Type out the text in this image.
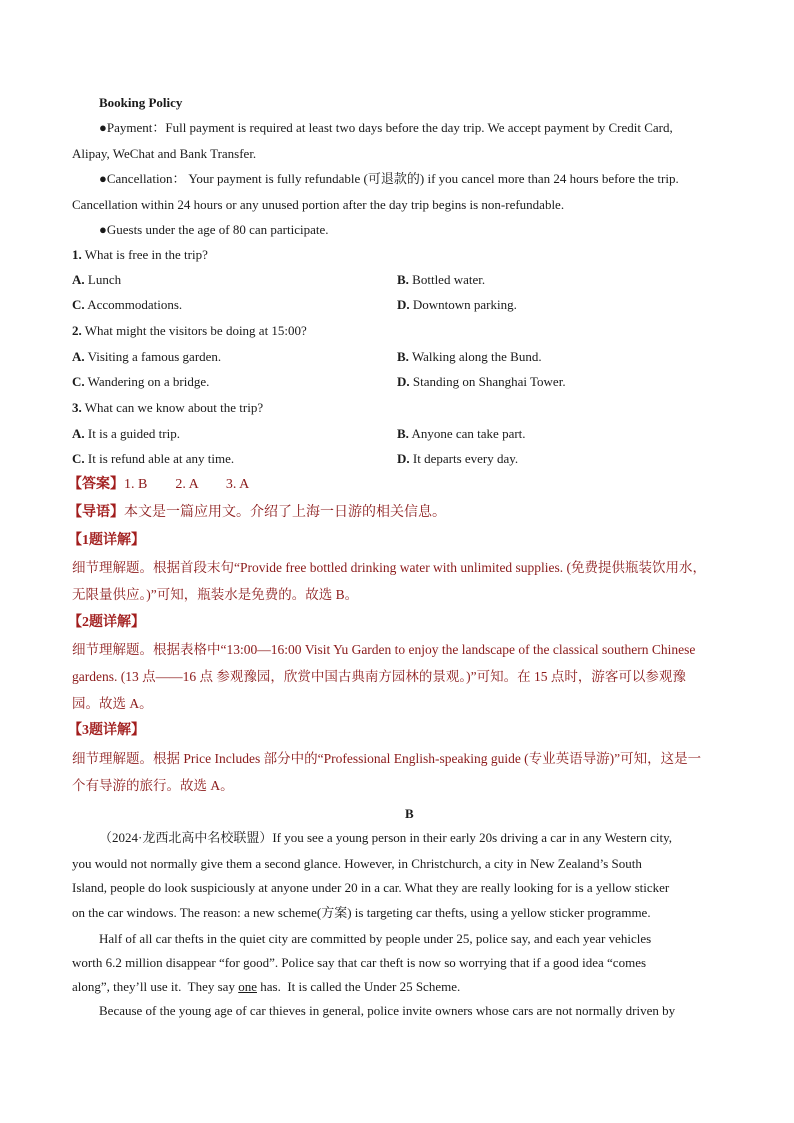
Booking Policy
●Payment：Full payment is required at least two days before the day trip. We accept payment by Credit Card,
Alipay, WeChat and Bank Transfer.
●Cancellation： Your payment is fully refundable (可退款的) if you cancel more than 24 hours before the trip.
Cancellation within 24 hours or any unused portion after the day trip begins is non-refundable.
●Guests under the age of 80 can participate.
1. What is free in the trip?
A. Lunch	B. Bottled water.
C. Accommodations.	D. Downtown parking.
2. What might the visitors be doing at 15:00?
A. Visiting a famous garden.	B. Walking along the Bund.
C. Wandering on a bridge.	D. Standing on Shanghai Tower.
3. What can we know about the trip?
A. It is a guided trip.	B. Anyone can take part.
C. It is refund able at any time.	D. It departs every day.
【答案】1. B        2. A        3. A
【导语】本文是一篇应用文。介绍了上海一日游的相关信息。
【1题详解】
细节理解题。根据首段末句“Provide free bottled drinking water with unlimited supplies. (免费提供瓶装饮用水，
无限量供应。)”可知，瓶装水是免费的。故选 B。
【2题详解】
细节理解题。根据表格中“13:00—16:00 Visit Yu Garden to enjoy the landscape of the classical southern Chinese
gardens. (13 点——16 点 参观豫园，欣赏中国古典南方园林的景观。)”可知。在 15 点时，游客可以参观豫
园。故选 A。
【3题详解】
细节理解题。根据 Price Includes 部分中的“Professional English-speaking guide (专业英语导游)”可知，这是一
个有导游的旅行。故选 A。
B
（2024·龙西北高中名校联盟）If you see a young person in their early 20s driving a car in any Western city,
you would not normally give them a second glance. However, in Christchurch, a city in New Zealand’s South
Island, people do look suspiciously at anyone under 20 in a car. What they are really looking for is a yellow sticker
on the car windows. The reason: a new scheme(方案) is targeting car thefts, using a yellow sticker programme.
Half of all car thefts in the quiet city are committed by people under 25, police say, and each year vehicles
worth 6.2 million disappear “for good”. Police say that car theft is now so worrying that if a good idea “comes
along”, they’ll use it.  They say one has.  It is called the Under 25 Scheme.
Because of the young age of car thieves in general, police invite owners whose cars are not normally driven by
